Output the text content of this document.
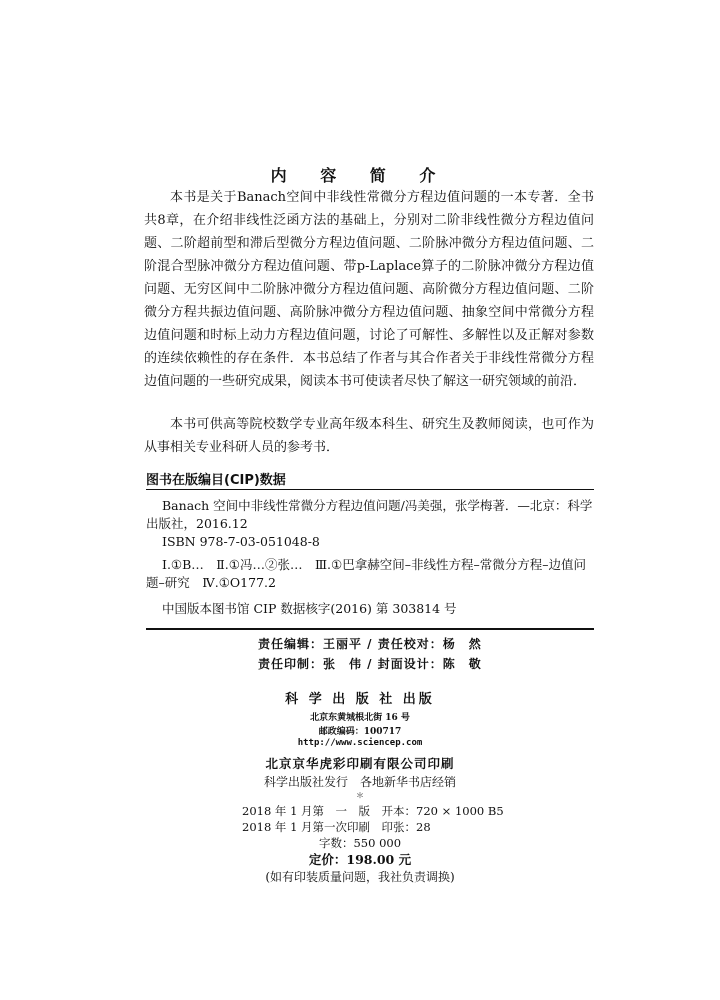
内 容 简 介

本书是关于Banach空间中非线性常微分方程边值问题的一本专著．全书共8章，在介绍非线性泛函方法的基础上，分别对二阶非线性微分方程边值问题、二阶超前型和滞后型微分方程边值问题、二阶脉冲微分方程边值问题、二阶混合型脉冲微分方程边值问题、带p-Laplace算子的二阶脉冲微分方程边值问题、无穷区间中二阶脉冲微分方程边值问题、高阶微分方程边值问题、二阶微分方程共振边值问题、高阶脉冲微分方程边值问题、抽象空间中常微分方程边值问题和时标上动力方程边值问题，讨论了可解性、多解性以及正解对参数的连续依赖性的存在条件．本书总结了作者与其合作者关于非线性常微分方程边值问题的一些研究成果，阅读本书可使读者尽快了解这一研究领域的前沿．

本书可供高等院校数学专业高年级本科生、研究生及教师阅读，也可作为从事相关专业科研人员的参考书．

图书在版编目(CIP)数据
Banach 空间中非线性常微分方程边值问题/冯美强，张学梅著．—北京：科学出版社，2016.12
ISBN 978-7-03-051048-8
Ⅰ.①B…　Ⅱ.①冯…②张…　Ⅲ.①巴拿赫空间–非线性方程–常微分方程–边值问题–研究　Ⅳ.①O177.2
中国版本图书馆 CIP 数据核字(2016) 第 303814 号
责任编辑：王丽平 / 责任校对：杨　然
责任印制：张　伟 / 封面设计：陈　敬
科 学 出 版 社 出版
北京东黄城根北街 16 号
邮政编码：100717
http://www.sciencep.com
北京京华虎彩印刷有限公司印刷
科学出版社发行　各地新华书店经销
＊
2018 年 1 月第　一　版　开本：720 × 1000 B5
2018 年 1 月第一次印刷　印张：28
字数：550 000
定价：198.00 元
(如有印装质量问题，我社负责调换)
